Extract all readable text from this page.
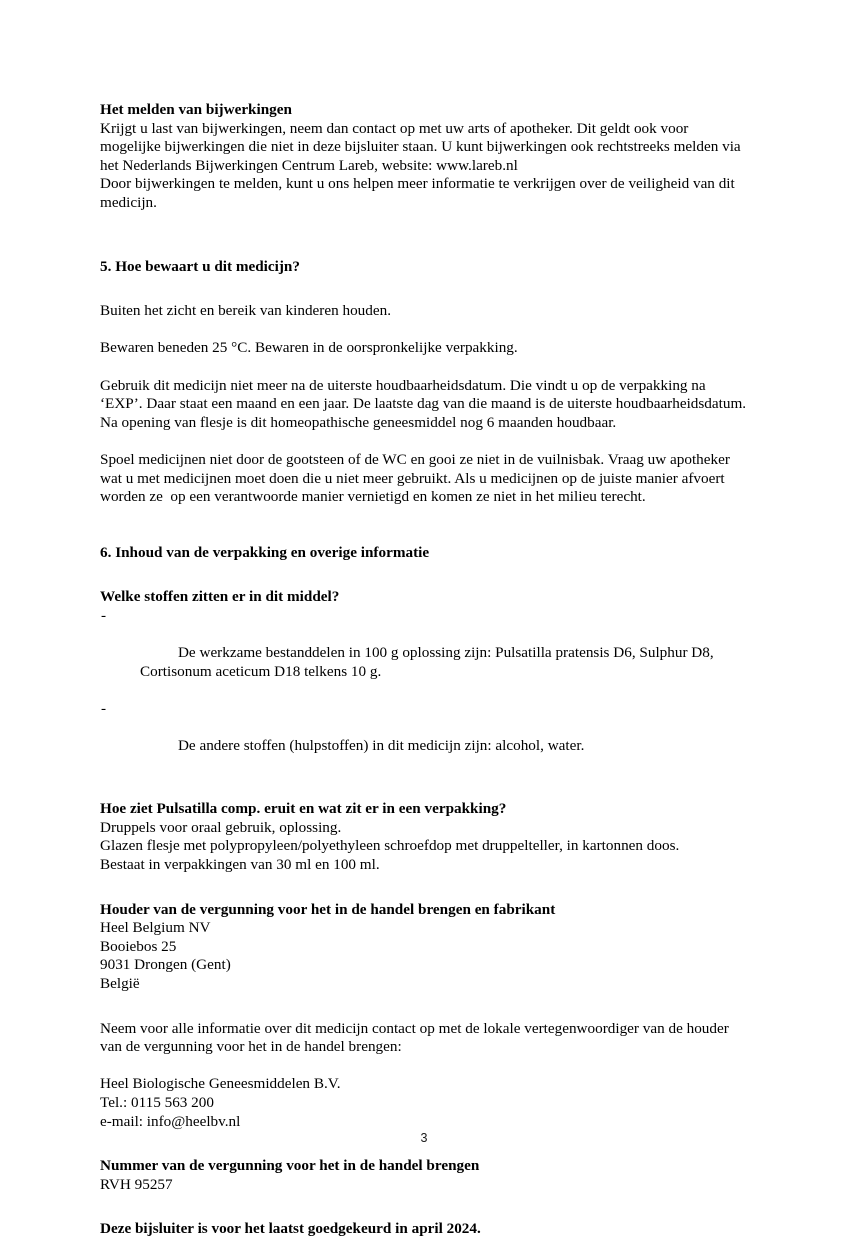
Het melden van bijwerkingen

Krijgt u last van bijwerkingen, neem dan contact op met uw arts of apotheker. Dit geldt ook voor mogelijke bijwerkingen die niet in deze bijsluiter staan. U kunt bijwerkingen ook rechtstreeks melden via het Nederlands Bijwerkingen Centrum Lareb, website: www.lareb.nl

Door bijwerkingen te melden, kunt u ons helpen meer informatie te verkrijgen over de veiligheid van dit medicijn.

5. Hoe bewaart u dit medicijn?

Buiten het zicht en bereik van kinderen houden.

Bewaren beneden 25 °C. Bewaren in de oorspronkelijke verpakking.

Gebruik dit medicijn niet meer na de uiterste houdbaarheidsdatum. Die vindt u op de verpakking na ‘EXP’. Daar staat een maand en een jaar. De laatste dag van die maand is de uiterste houdbaarheidsdatum.

Na opening van flesje is dit homeopathische geneesmiddel nog 6 maanden houdbaar.

Spoel medicijnen niet door de gootsteen of de WC en gooi ze niet in de vuilnisbak. Vraag uw apotheker wat u met medicijnen moet doen die u niet meer gebruikt. Als u medicijnen op de juiste manier afvoert worden ze  op een verantwoorde manier vernietigd en komen ze niet in het milieu terecht.

6. Inhoud van de verpakking en overige informatie

Welke stoffen zitten er in dit middel?

-

De werkzame bestanddelen in 100 g oplossing zijn: Pulsatilla pratensis D6, Sulphur D8, Cortisonum aceticum D18 telkens 10 g.

-

De andere stoffen (hulpstoffen) in dit medicijn zijn: alcohol, water.

Hoe ziet Pulsatilla comp. eruit en wat zit er in een verpakking?

Druppels voor oraal gebruik, oplossing.

Glazen flesje met polypropyleen/polyethyleen schroefdop met druppelteller, in kartonnen doos.

Bestaat in verpakkingen van 30 ml en 100 ml.

Houder van de vergunning voor het in de handel brengen en fabrikant

Heel Belgium NV

Booiebos 25

9031 Drongen (Gent)

België

Neem voor alle informatie over dit medicijn contact op met de lokale vertegenwoordiger van de houder van de vergunning voor het in de handel brengen:

Heel Biologische Geneesmiddelen B.V.

Tel.: 0115 563 200

e-mail: info@heelbv.nl

Nummer van de vergunning voor het in de handel brengen

RVH 95257

Deze bijsluiter is voor het laatst goedgekeurd in april 2024.

3
